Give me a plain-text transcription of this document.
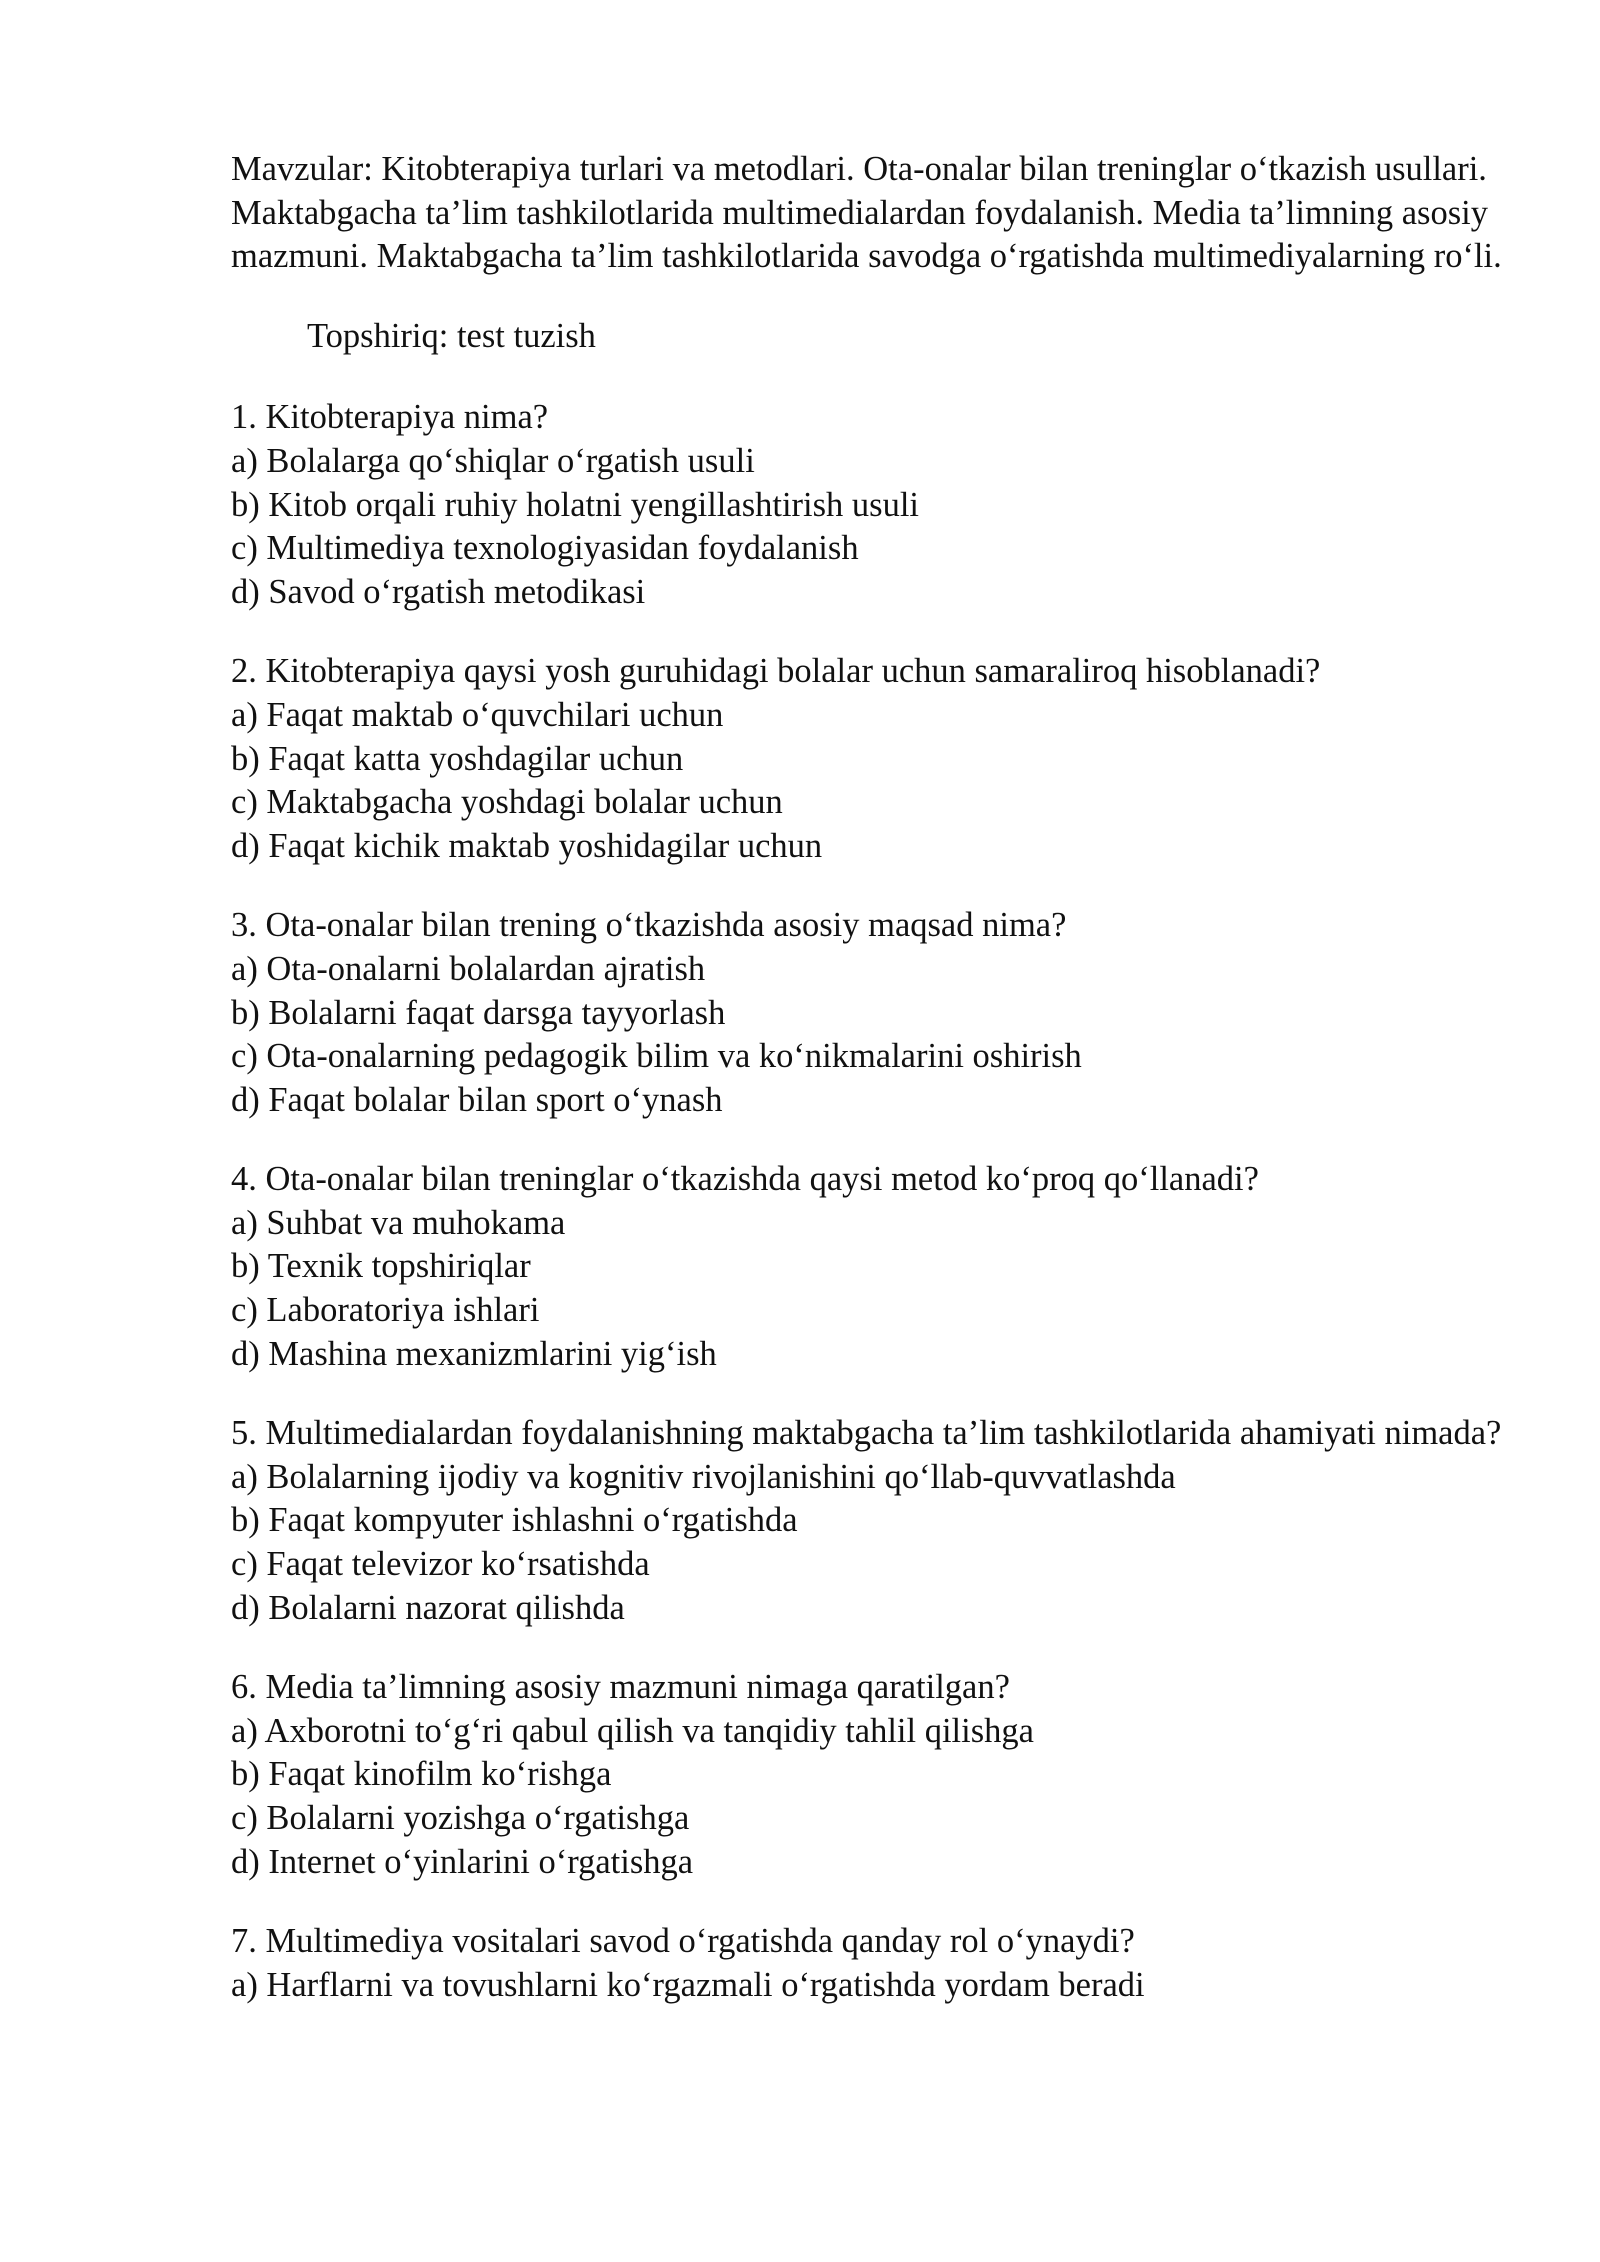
Mavzular: Kitobterapiya turlari va metodlari. Ota-onalar bilan treninglar o‘tkazish usullari. Maktabgacha ta’lim tashkilotlarida multimedialardan foydalanish. Media ta’limning asosiy mazmuni. Maktabgacha ta’lim tashkilotlarida savodga o‘rgatishda multimediyalarning ro‘li.

Topshiriq: test tuzish

1. Kitobterapiya nima?
a) Bolalarga qo‘shiqlar o‘rgatish usuli
b) Kitob orqali ruhiy holatni yengillashtirish usuli
c) Multimediya texnologiyasidan foydalanish
d) Savod o‘rgatish metodikasi
2. Kitobterapiya qaysi yosh guruhidagi bolalar uchun samaraliroq hisoblanadi?
a) Faqat maktab o‘quvchilari uchun
b) Faqat katta yoshdagilar uchun
c) Maktabgacha yoshdagi bolalar uchun
d) Faqat kichik maktab yoshidagilar uchun
3. Ota-onalar bilan trening o‘tkazishda asosiy maqsad nima?
a) Ota-onalarni bolalardan ajratish
b) Bolalarni faqat darsga tayyorlash
c) Ota-onalarning pedagogik bilim va ko‘nikmalarini oshirish
d) Faqat bolalar bilan sport o‘ynash
4. Ota-onalar bilan treninglar o‘tkazishda qaysi metod ko‘proq qo‘llanadi?
a) Suhbat va muhokama
b) Texnik topshiriqlar
c) Laboratoriya ishlari
d) Mashina mexanizmlarini yig‘ish
5. Multimedialardan foydalanishning maktabgacha ta’lim tashkilotlarida ahamiyati nimada?
a) Bolalarning ijodiy va kognitiv rivojlanishini qo‘llab-quvvatlashda
b) Faqat kompyuter ishlashni o‘rgatishda
c) Faqat televizor ko‘rsatishda
d) Bolalarni nazorat qilishda
6. Media ta’limning asosiy mazmuni nimaga qaratilgan?
a) Axborotni to‘g‘ri qabul qilish va tanqidiy tahlil qilishga
b) Faqat kinofilm ko‘rishga
c) Bolalarni yozishga o‘rgatishga
d) Internet o‘yinlarini o‘rgatishga
7. Multimediya vositalari savod o‘rgatishda qanday rol o‘ynaydi?
a) Harflarni va tovushlarni ko‘rgazmali o‘rgatishda yordam beradi
